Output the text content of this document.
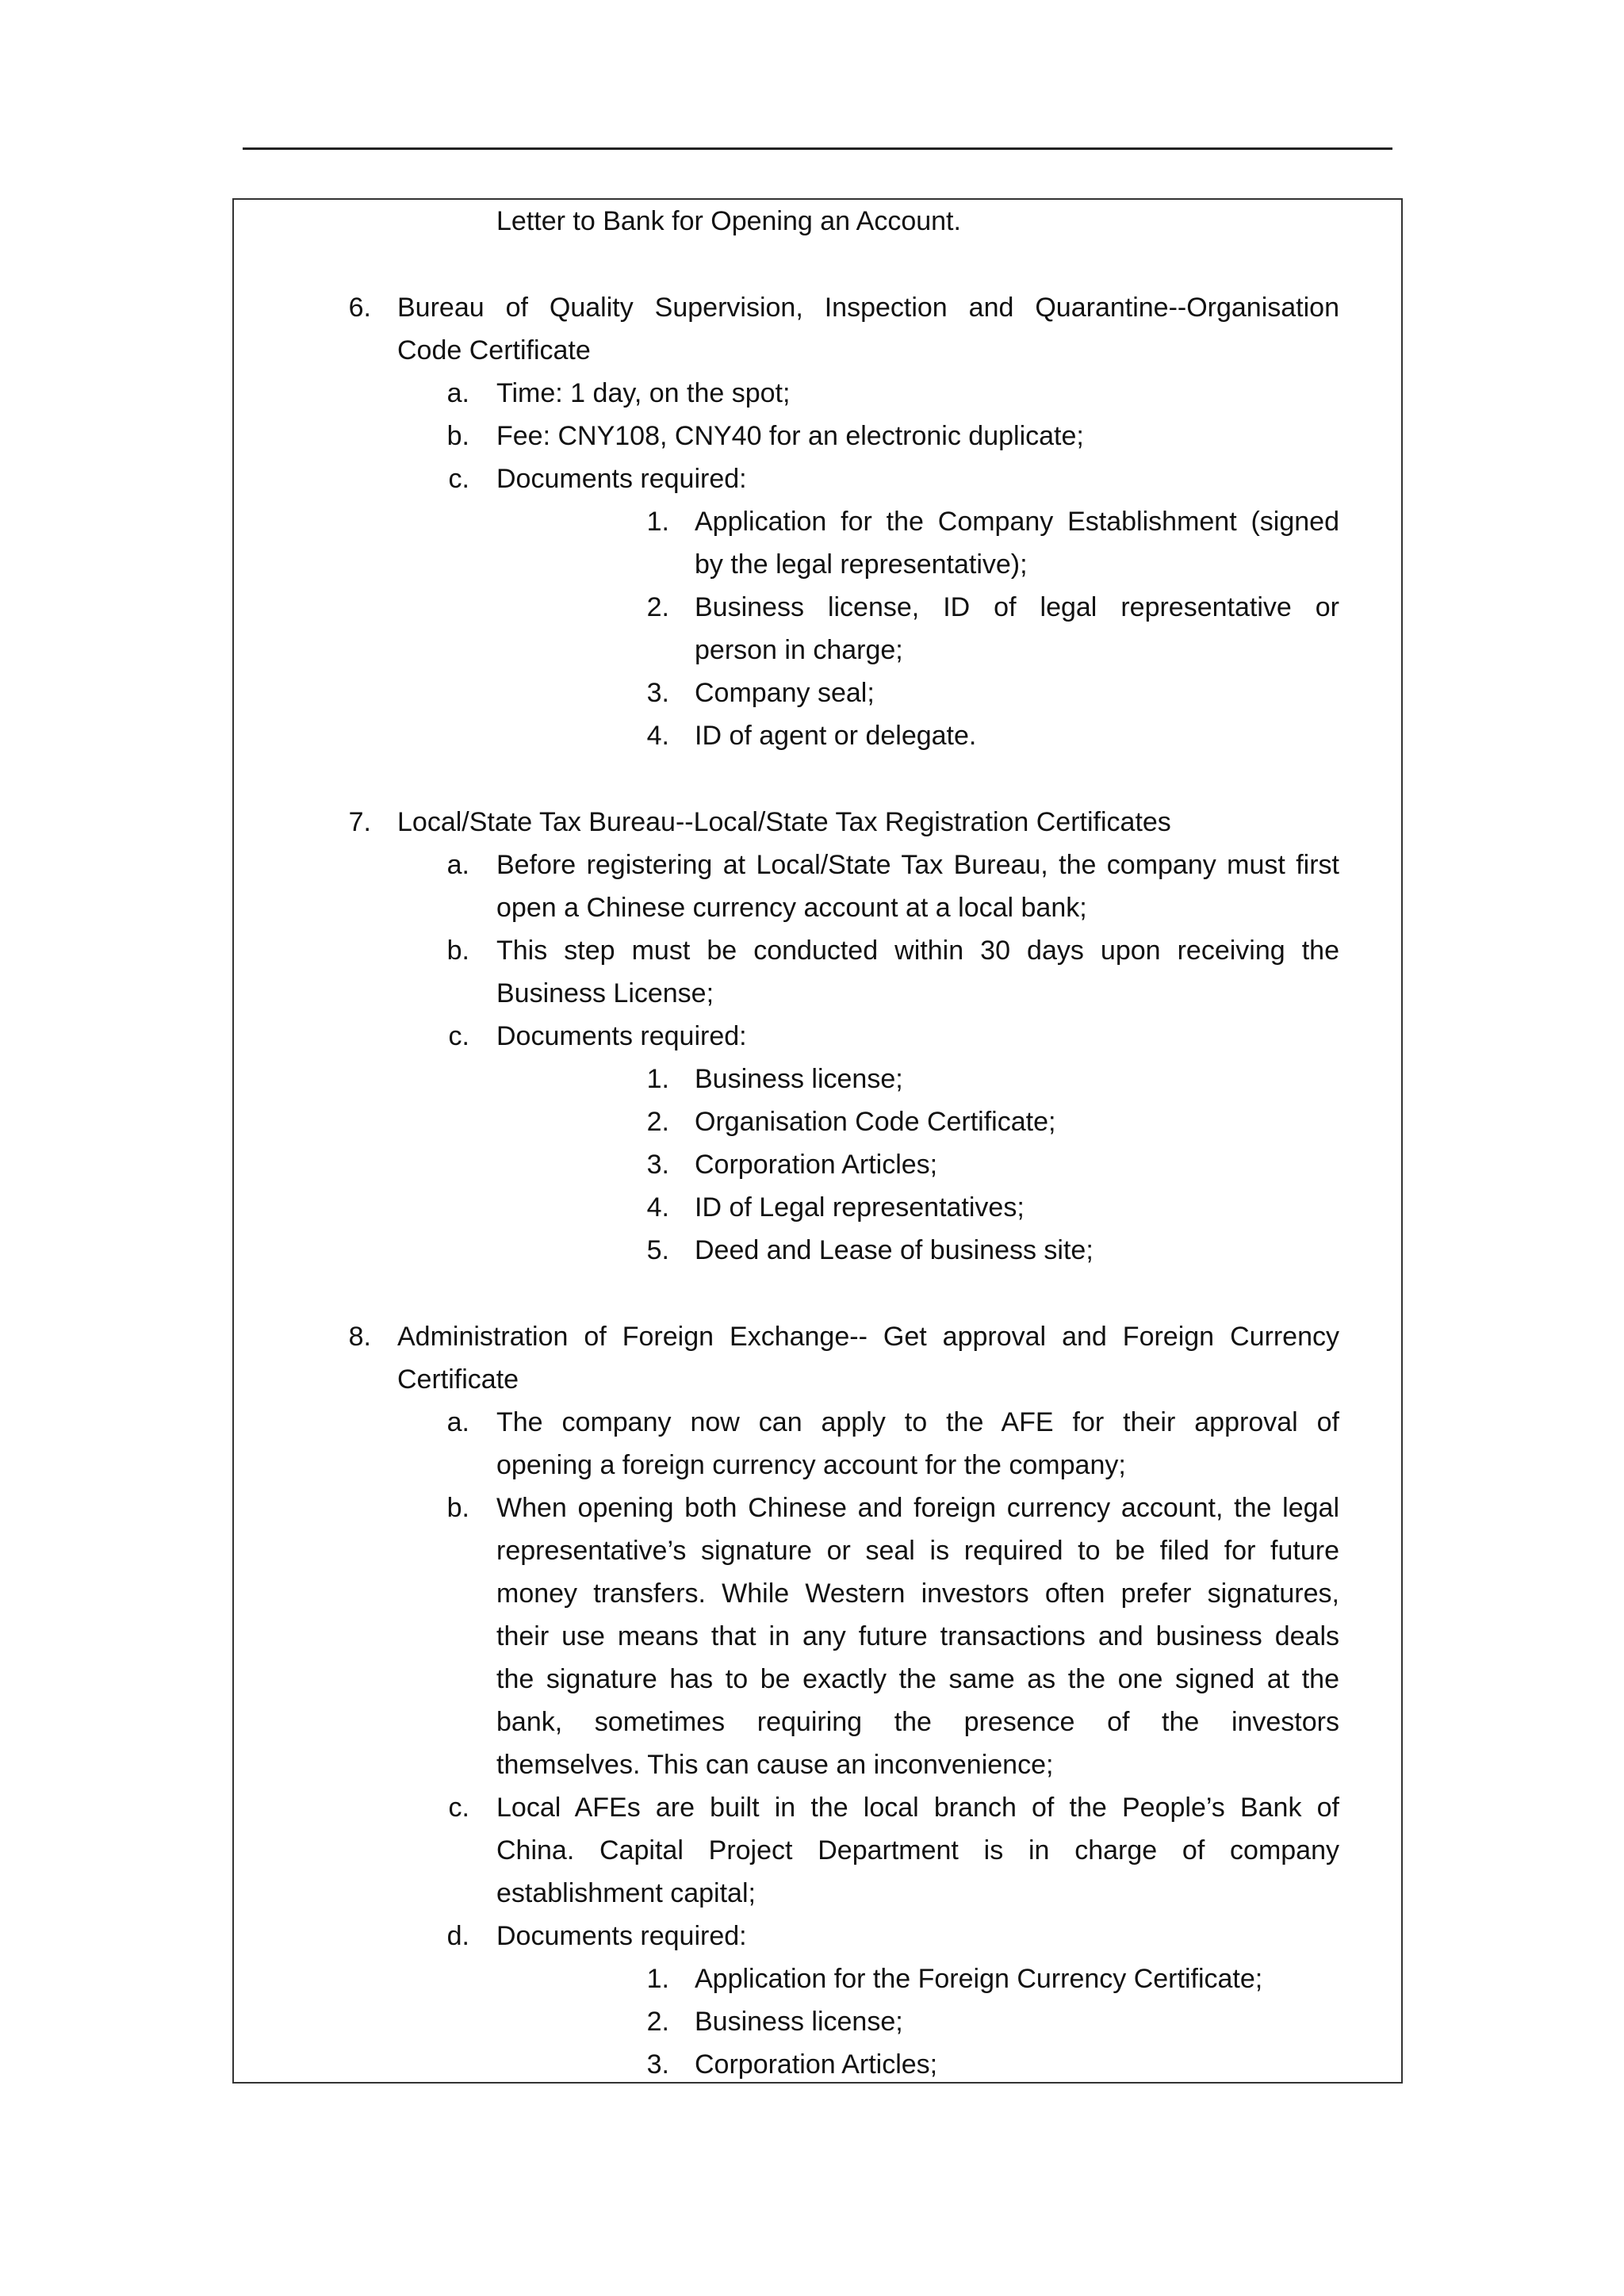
Letter to Bank for Opening an Account.
6. Bureau of Quality Supervision, Inspection and Quarantine--Organisation
Code Certificate
a. Time: 1 day, on the spot;
b. Fee: CNY108, CNY40 for an electronic duplicate;
c. Documents required:
1. Application for the Company Establishment (signed
by the legal representative);
2. Business license, ID of legal representative or
person in charge;
3. Company seal;
4. ID of agent or delegate.
7. Local/State Tax Bureau--Local/State Tax Registration Certificates
a. Before registering at Local/State Tax Bureau, the company must first
open a Chinese currency account at a local bank;
b. This step must be conducted within 30 days upon receiving the
Business License;
c. Documents required:
1. Business license;
2. Organisation Code Certificate;
3. Corporation Articles;
4. ID of Legal representatives;
5. Deed and Lease of business site;
8. Administration of Foreign Exchange-- Get approval and Foreign Currency
Certificate
a. The company now can apply to the AFE for their approval of
opening a foreign currency account for the company;
b. When opening both Chinese and foreign currency account, the legal
representative’s signature or seal is required to be filed for future
money transfers. While Western investors often prefer signatures,
their use means that in any future transactions and business deals
the signature has to be exactly the same as the one signed at the
bank, sometimes requiring the presence of the investors
themselves. This can cause an inconvenience;
c. Local AFEs are built in the local branch of the People’s Bank of
China. Capital Project Department is in charge of company
establishment capital;
d. Documents required:
1. Application for the Foreign Currency Certificate;
2. Business license;
3. Corporation Articles;
